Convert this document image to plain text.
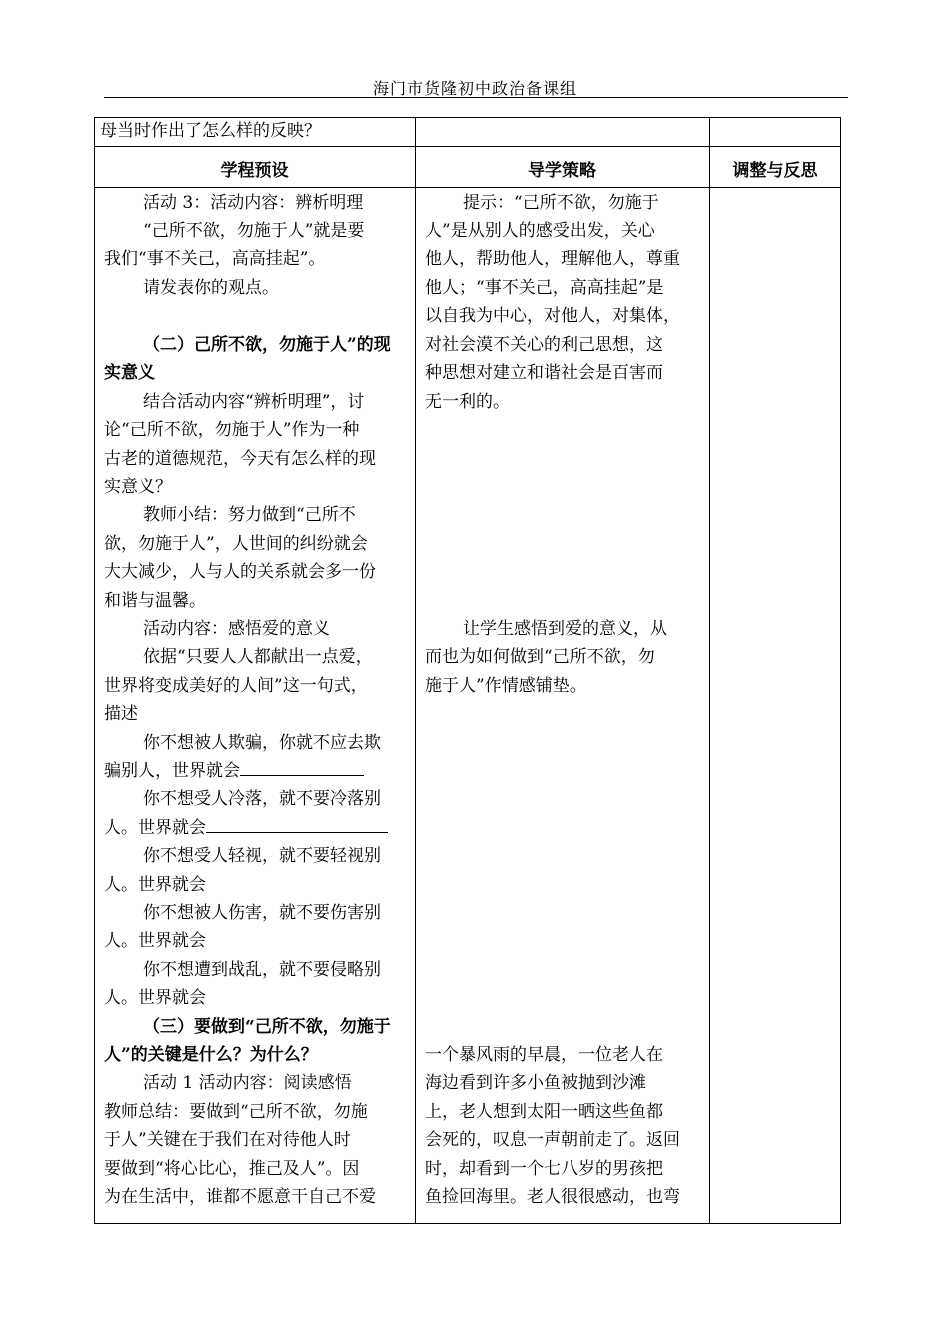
海门市货隆初中政治备课组
母当时作出了怎么样的反映？
学程预设	导学策略	调整与反思
活动 3：活动内容：辨析明理
“己所不欲，勿施于人”就是要
我们“事不关己，高高挂起”。
请发表你的观点。
（二）己所不欲，勿施于人”的现
实意义
结合活动内容“辨析明理”，讨
论“己所不欲，勿施于人”作为一种
古老的道德规范，今天有怎么样的现
实意义？
教师小结：努力做到“己所不
欲，勿施于人”，人世间的纠纷就会
大大减少，人与人的关系就会多一份
和谐与温馨。
活动内容：感悟爱的意义
依据“只要人人都献出一点爱，
世界将变成美好的人间”这一句式，
描述
你不想被人欺骗，你就不应去欺
骗别人，世界就会
你不想受人冷落，就不要冷落别
人。世界就会
你不想受人轻视，就不要轻视别
人。世界就会
你不想被人伤害，就不要伤害别
人。世界就会
你不想遭到战乱，就不要侵略别
人。世界就会
（三）要做到“己所不欲，勿施于
人”的关键是什么？为什么？
活动 1 活动内容：阅读感悟
教师总结：要做到“己所不欲，勿施
于人”关键在于我们在对待他人时
要做到“将心比心，推己及人”。因
为在生活中，谁都不愿意干自己不爱
提示：“己所不欲，勿施于
人”是从别人的感受出发，关心
他人，帮助他人，理解他人，尊重
他人；“事不关己，高高挂起”是
以自我为中心，对他人，对集体，
对社会漠不关心的利己思想，这
种思想对建立和谐社会是百害而
无一利的。
让学生感悟到爱的意义，从
而也为如何做到“己所不欲，勿
施于人”作情感铺垫。
一个暴风雨的早晨，一位老人在
海边看到许多小鱼被抛到沙滩
上，老人想到太阳一晒这些鱼都
会死的，叹息一声朝前走了。返回
时，却看到一个七八岁的男孩把
鱼捡回海里。老人很很感动，也弯
